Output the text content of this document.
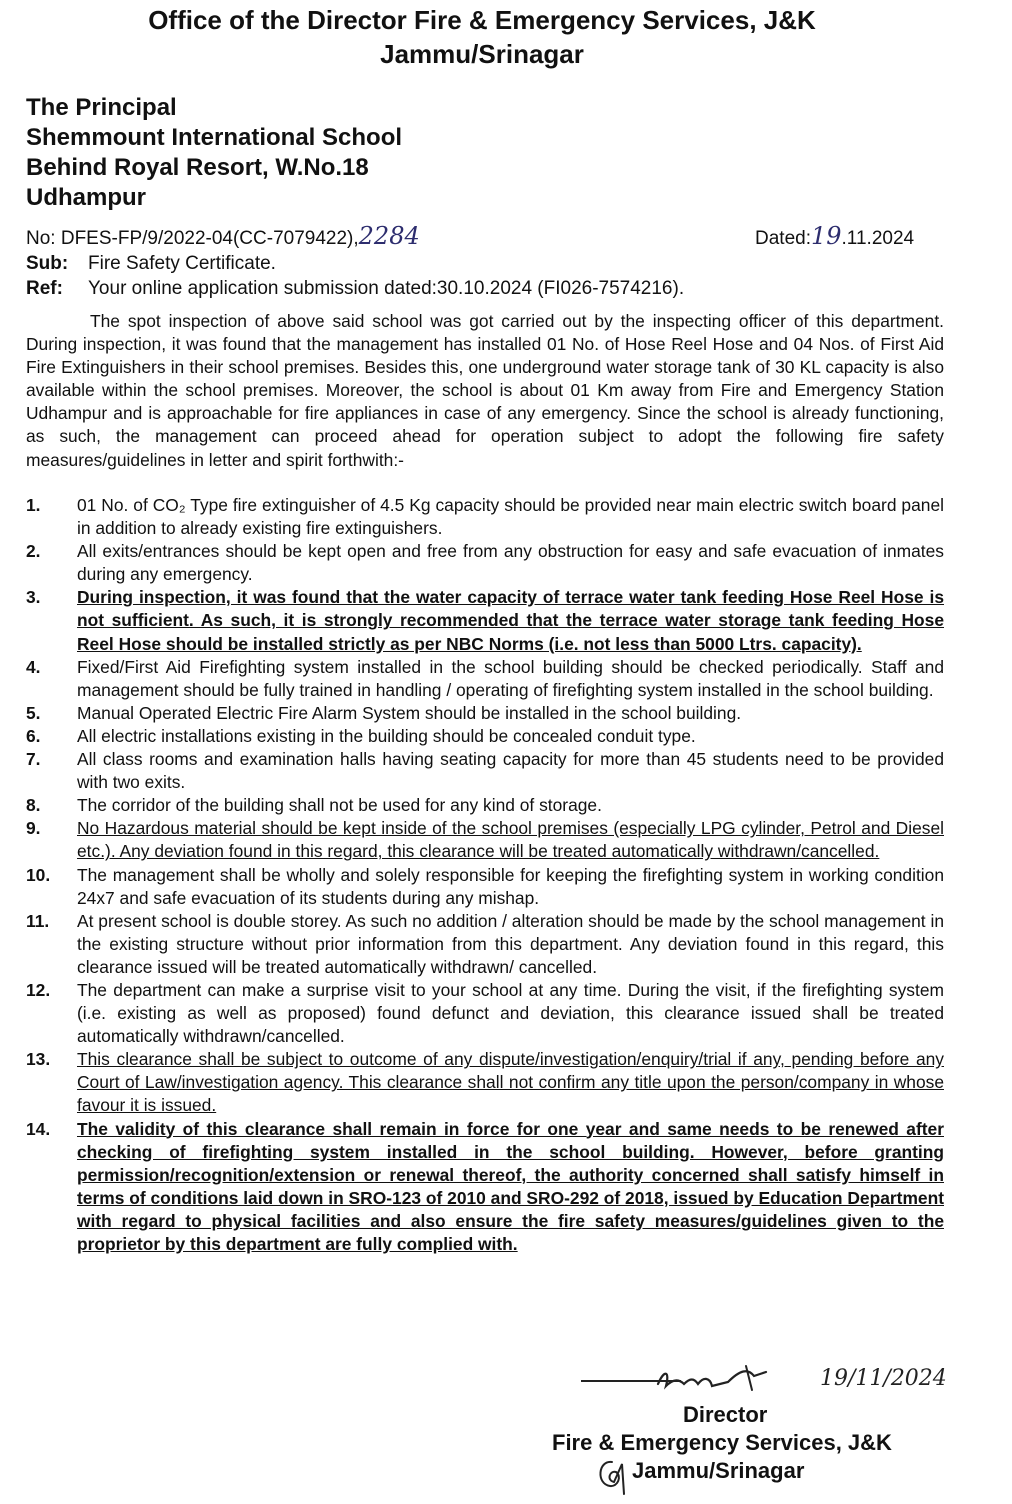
Office of the Director Fire & Emergency Services, J&K
Jammu/Srinagar
The Principal
Shemmount International School
Behind Royal Resort, W.No.18
Udhampur
No: DFES-FP/9/2022-04(CC-7079422),2284	Dated:19.11.2024
Sub: Fire Safety Certificate.
Ref: Your online application submission dated:30.10.2024 (FI026-7574216).
The spot inspection of above said school was got carried out by the inspecting officer of this department. During inspection, it was found that the management has installed 01 No. of Hose Reel Hose and 04 Nos. of First Aid Fire Extinguishers in their school premises. Besides this, one underground water storage tank of 30 KL capacity is also available within the school premises. Moreover, the school is about 01 Km away from Fire and Emergency Station Udhampur and is approachable for fire appliances in case of any emergency. Since the school is already functioning, as such, the management can proceed ahead for operation subject to adopt the following fire safety measures/guidelines in letter and spirit forthwith:-
1.	01 No. of CO₂ Type fire extinguisher of 4.5 Kg capacity should be provided near main electric switch board panel in addition to already existing fire extinguishers.
2.	All exits/entrances should be kept open and free from any obstruction for easy and safe evacuation of inmates during any emergency.
3.	During inspection, it was found that the water capacity of terrace water tank feeding Hose Reel Hose is not sufficient. As such, it is strongly recommended that the terrace water storage tank feeding Hose Reel Hose should be installed strictly as per NBC Norms (i.e. not less than 5000 Ltrs. capacity).
4.	Fixed/First Aid Firefighting system installed in the school building should be checked periodically. Staff and management should be fully trained in handling / operating of firefighting system installed in the school building.
5.	Manual Operated Electric Fire Alarm System should be installed in the school building.
6.	All electric installations existing in the building should be concealed conduit type.
7.	All class rooms and examination halls having seating capacity for more than 45 students need to be provided with two exits.
8.	The corridor of the building shall not be used for any kind of storage.
9.	No Hazardous material should be kept inside of the school premises (especially LPG cylinder, Petrol and Diesel etc.). Any deviation found in this regard, this clearance will be treated automatically withdrawn/cancelled.
10.	The management shall be wholly and solely responsible for keeping the firefighting system in working condition 24x7 and safe evacuation of its students during any mishap.
11.	At present school is double storey. As such no addition / alteration should be made by the school management in the existing structure without prior information from this department. Any deviation found in this regard, this clearance issued will be treated automatically withdrawn/ cancelled.
12.	The department can make a surprise visit to your school at any time. During the visit, if the firefighting system (i.e. existing as well as proposed) found defunct and deviation, this clearance issued shall be treated automatically withdrawn/cancelled.
13.	This clearance shall be subject to outcome of any dispute/investigation/enquiry/trial if any, pending before any Court of Law/investigation agency. This clearance shall not confirm any title upon the person/company in whose favour it is issued.
14.	The validity of this clearance shall remain in force for one year and same needs to be renewed after checking of firefighting system installed in the school building. However, before granting permission/recognition/extension or renewal thereof, the authority concerned shall satisfy himself in terms of conditions laid down in SRO-123 of 2010 and SRO-292 of 2018, issued by Education Department with regard to physical facilities and also ensure the fire safety measures/guidelines given to the proprietor by this department are fully complied with.
19/11/2024
Director
Fire & Emergency Services, J&K
Jammu/Srinagar
